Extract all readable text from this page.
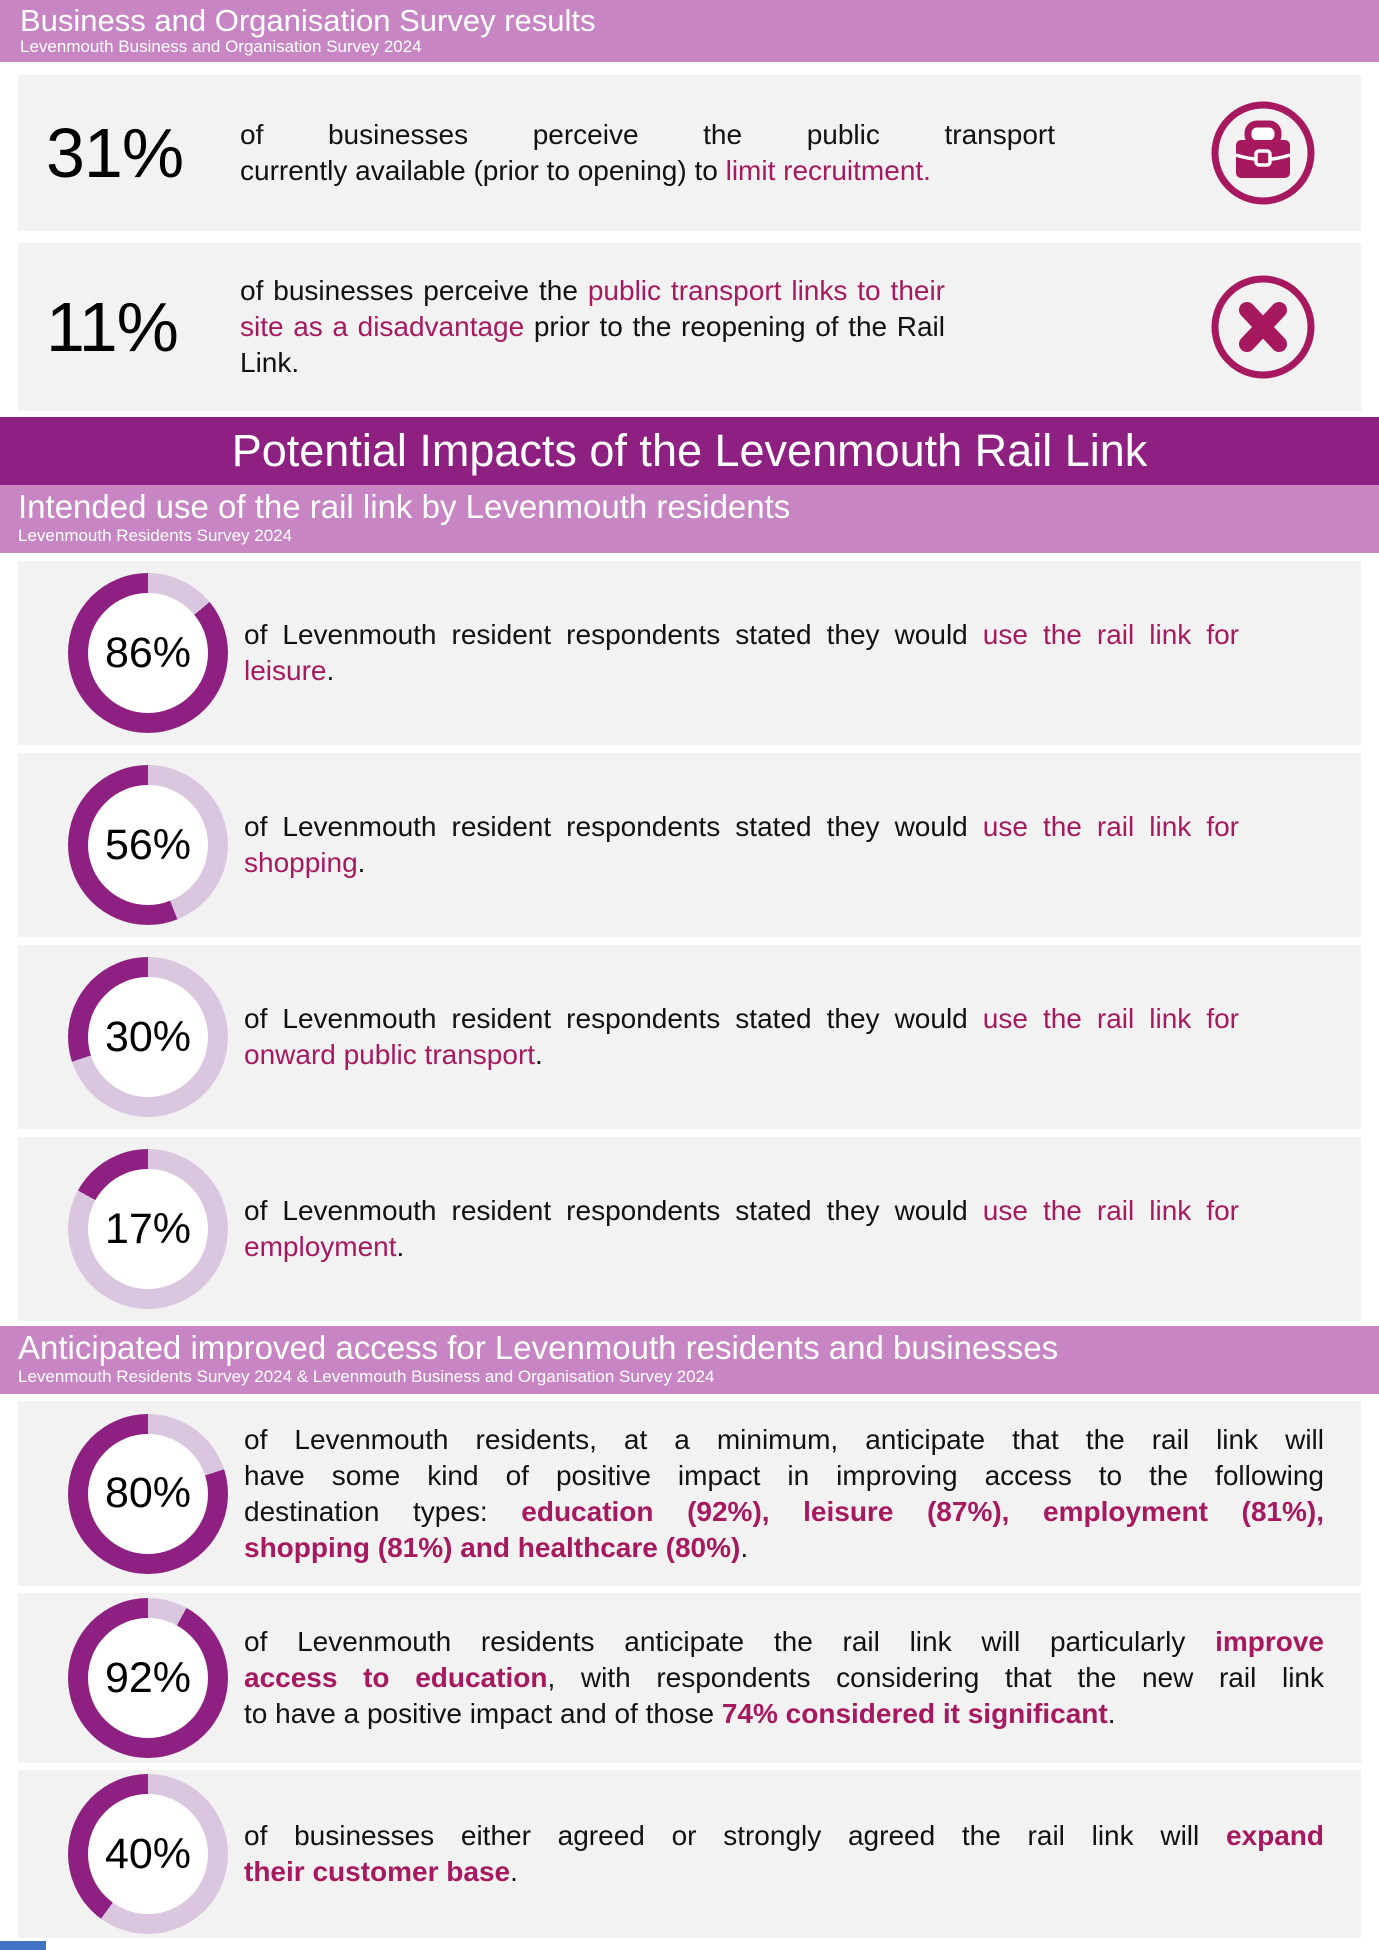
Business and Organisation Survey results
Levenmouth Business and Organisation Survey 2024
31%	of businesses perceive the public transport
currently available (prior to opening) to limit recruitment.

11%	of businesses perceive the public transport links to their
site as a disadvantage prior to the reopening of the Rail
Link.

Potential Impacts of the Levenmouth Rail Link
Intended use of the rail link by Levenmouth residents
Levenmouth Residents Survey 2024
86% of Levenmouth resident respondents stated they would use the rail link for
leisure.

56% of Levenmouth resident respondents stated they would use the rail link for
shopping.

30% of Levenmouth resident respondents stated they would use the rail link for
onward public transport.

17% of Levenmouth resident respondents stated they would use the rail link for
employment.

Anticipated improved access for Levenmouth residents and businesses
Levenmouth Residents Survey 2024 & Levenmouth Business and Organisation Survey 2024
80%

of Levenmouth residents, at a minimum, anticipate that the rail link will
have some kind of positive impact in improving access to the following
destination types: education (92%), leisure (87%), employment (81%),
shopping (81%) and healthcare (80%).

92%

of Levenmouth residents anticipate the rail link will particularly improve
access to education, with respondents considering that the new rail link
to have a positive impact and of those 74% considered it significant.

40% of businesses either agreed or strongly agreed the rail link will expand
their customer base.
